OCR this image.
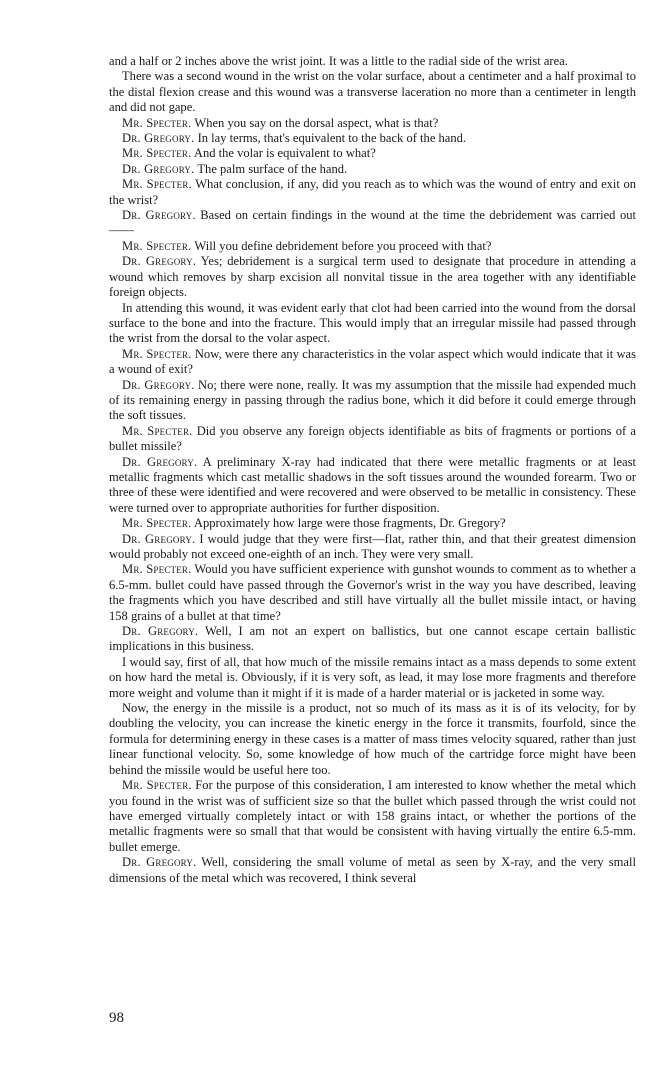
and a half or 2 inches above the wrist joint. It was a little to the radial side of the wrist area.

There was a second wound in the wrist on the volar surface, about a centimeter and a half proximal to the distal flexion crease and this wound was a transverse laceration no more than a centimeter in length and did not gape.

Mr. Specter. When you say on the dorsal aspect, what is that?

Dr. Gregory. In lay terms, that's equivalent to the back of the hand.

Mr. Specter. And the volar is equivalent to what?

Dr. Gregory. The palm surface of the hand.

Mr. Specter. What conclusion, if any, did you reach as to which was the wound of entry and exit on the wrist?

Dr. Gregory. Based on certain findings in the wound at the time the debridement was carried out——

Mr. Specter. Will you define debridement before you proceed with that?

Dr. Gregory. Yes; debridement is a surgical term used to designate that procedure in attending a wound which removes by sharp excision all nonvital tissue in the area together with any identifiable foreign objects.

In attending this wound, it was evident early that clot had been carried into the wound from the dorsal surface to the bone and into the fracture. This would imply that an irregular missile had passed through the wrist from the dorsal to the volar aspect.

Mr. Specter. Now, were there any characteristics in the volar aspect which would indicate that it was a wound of exit?

Dr. Gregory. No; there were none, really. It was my assumption that the missile had expended much of its remaining energy in passing through the radius bone, which it did before it could emerge through the soft tissues.

Mr. Specter. Did you observe any foreign objects identifiable as bits of fragments or portions of a bullet missile?

Dr. Gregory. A preliminary X-ray had indicated that there were metallic fragments or at least metallic fragments which cast metallic shadows in the soft tissues around the wounded forearm. Two or three of these were identified and were recovered and were observed to be metallic in consistency. These were turned over to appropriate authorities for further disposition.

Mr. Specter. Approximately how large were those fragments, Dr. Gregory?

Dr. Gregory. I would judge that they were first—flat, rather thin, and that their greatest dimension would probably not exceed one-eighth of an inch. They were very small.

Mr. Specter. Would you have sufficient experience with gunshot wounds to comment as to whether a 6.5-mm. bullet could have passed through the Governor's wrist in the way you have described, leaving the fragments which you have described and still have virtually all the bullet missile intact, or having 158 grains of a bullet at that time?

Dr. Gregory. Well, I am not an expert on ballistics, but one cannot escape certain ballistic implications in this business.

I would say, first of all, that how much of the missile remains intact as a mass depends to some extent on how hard the metal is. Obviously, if it is very soft, as lead, it may lose more fragments and therefore more weight and volume than it might if it is made of a harder material or is jacketed in some way.

Now, the energy in the missile is a product, not so much of its mass as it is of its velocity, for by doubling the velocity, you can increase the kinetic energy in the force it transmits, fourfold, since the formula for determining energy in these cases is a matter of mass times velocity squared, rather than just linear functional velocity. So, some knowledge of how much of the cartridge force might have been behind the missile would be useful here too.

Mr. Specter. For the purpose of this consideration, I am interested to know whether the metal which you found in the wrist was of sufficient size so that the bullet which passed through the wrist could not have emerged virtually completely intact or with 158 grains intact, or whether the portions of the metallic fragments were so small that that would be consistent with having virtually the entire 6.5-mm. bullet emerge.

Dr. Gregory. Well, considering the small volume of metal as seen by X-ray, and the very small dimensions of the metal which was recovered, I think several

98
